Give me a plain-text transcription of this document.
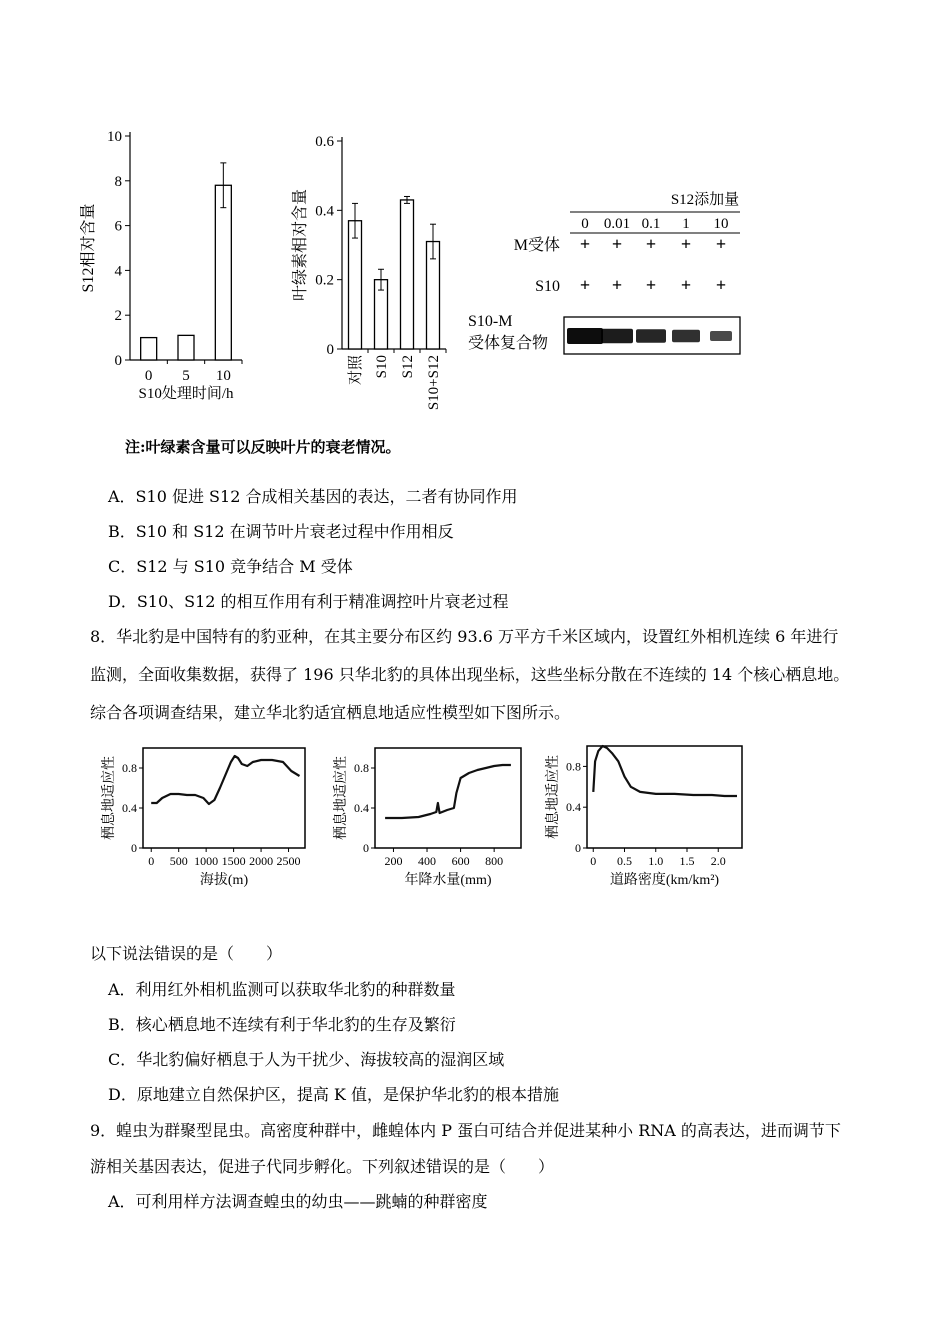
0
2
4
6
8
10
0 5 10
S12相对含量
S10处理时间/h
0
0.2
0.4
0.6
对照 S10 S12 S10+S12
叶绿素相对含量	S12添加量
0 0.01 0.1 1 10
M受体
S10
+ + + + +
+ + + + +
S10-M
受体复合物
注:叶绿素含量可以反映叶片的衰老情况。
A．S10 促进 S12 合成相关基因的表达，二者有协同作用
B．S10 和 S12 在调节叶片衰老过程中作用相反
C．S12 与 S10 竞争结合 M 受体
D．S10、S12 的相互作用有利于精准调控叶片衰老过程
8．华北豹是中国特有的豹亚种，在其主要分布区约 93.6 万平方千米区域内，设置红外相机连续 6 年进行
监测，全面收集数据，获得了 196 只华北豹的具体出现坐标，这些坐标分散在不连续的 14 个核心栖息地。
综合各项调查结果，建立华北豹适宜栖息地适应性模型如下图所示。
0
0.4
0.8
0 500 1000 1500 2000 2500
栖息地适应性
海拔(m)
0
0.4
0.8
200 400 600 800
栖息地适应性
年降水量(mm)
0
0.4
0.8
0 0.5 1.0 1.5 2.0
栖息地适应性
道路密度(km/km²)
以下说法错误的是（　　）
A．利用红外相机监测可以获取华北豹的种群数量
B．核心栖息地不连续有利于华北豹的生存及繁衍
C．华北豹偏好栖息于人为干扰少、海拔较高的湿润区域
D．原地建立自然保护区，提高 K 值，是保护华北豹的根本措施
9．蝗虫为群聚型昆虫。高密度种群中，雌蝗体内 P 蛋白可结合并促进某种小 RNA 的高表达，进而调节下
游相关基因表达，促进子代同步孵化。下列叙述错误的是（　　）
A．可利用样方法调查蝗虫的幼虫——跳蝻的种群密度
